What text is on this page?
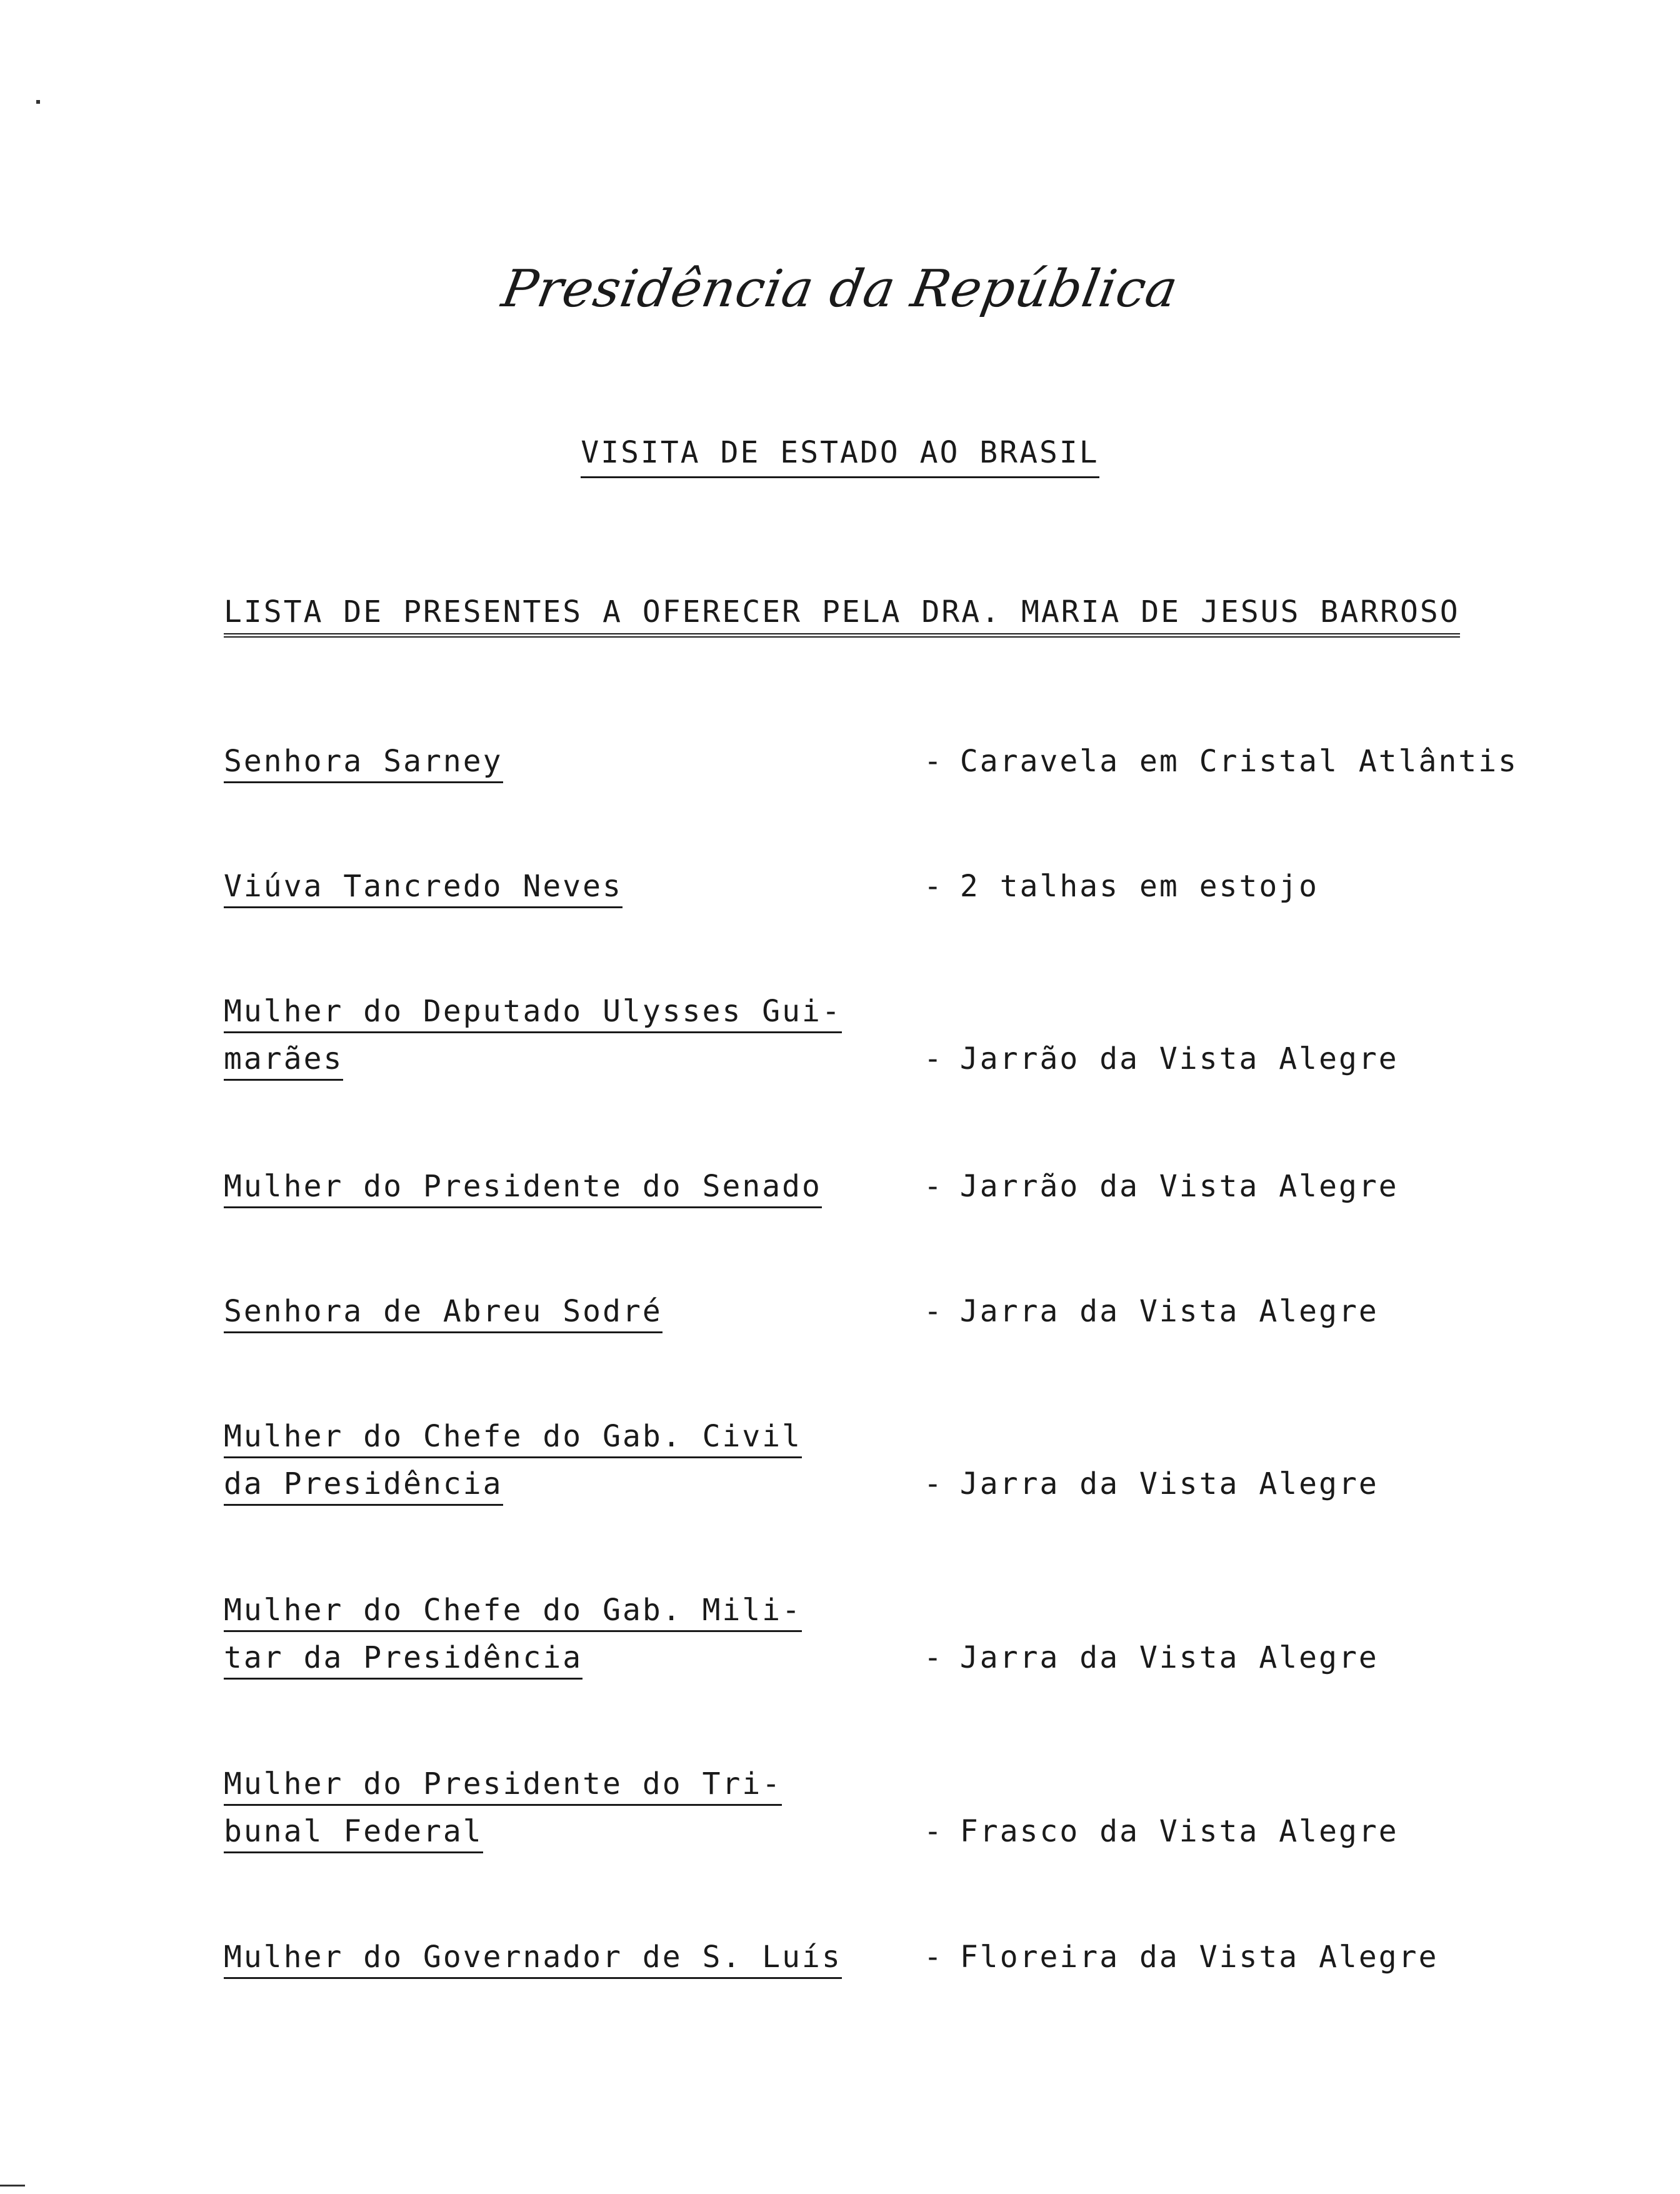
Presidência da República
VISITA DE ESTADO AO BRASIL
LISTA DE PRESENTES A OFERECER PELA DRA. MARIA DE JESUS BARROSO
Senhora Sarney	- Caravela em Cristal Atlântis
Viúva Tancredo Neves	- 2 talhas em estojo
Mulher do Deputado Ulysses Gui-
marães	- Jarrão da Vista Alegre
Mulher do Presidente do Senado	- Jarrão da Vista Alegre
Senhora de Abreu Sodré	- Jarra da Vista Alegre
Mulher do Chefe do Gab. Civil
da Presidência	- Jarra da Vista Alegre
Mulher do Chefe do Gab. Mili-
tar da Presidência	- Jarra da Vista Alegre
Mulher do Presidente do Tri-
bunal Federal	- Frasco da Vista Alegre
Mulher do Governador de S. Luís	- Floreira da Vista Alegre
